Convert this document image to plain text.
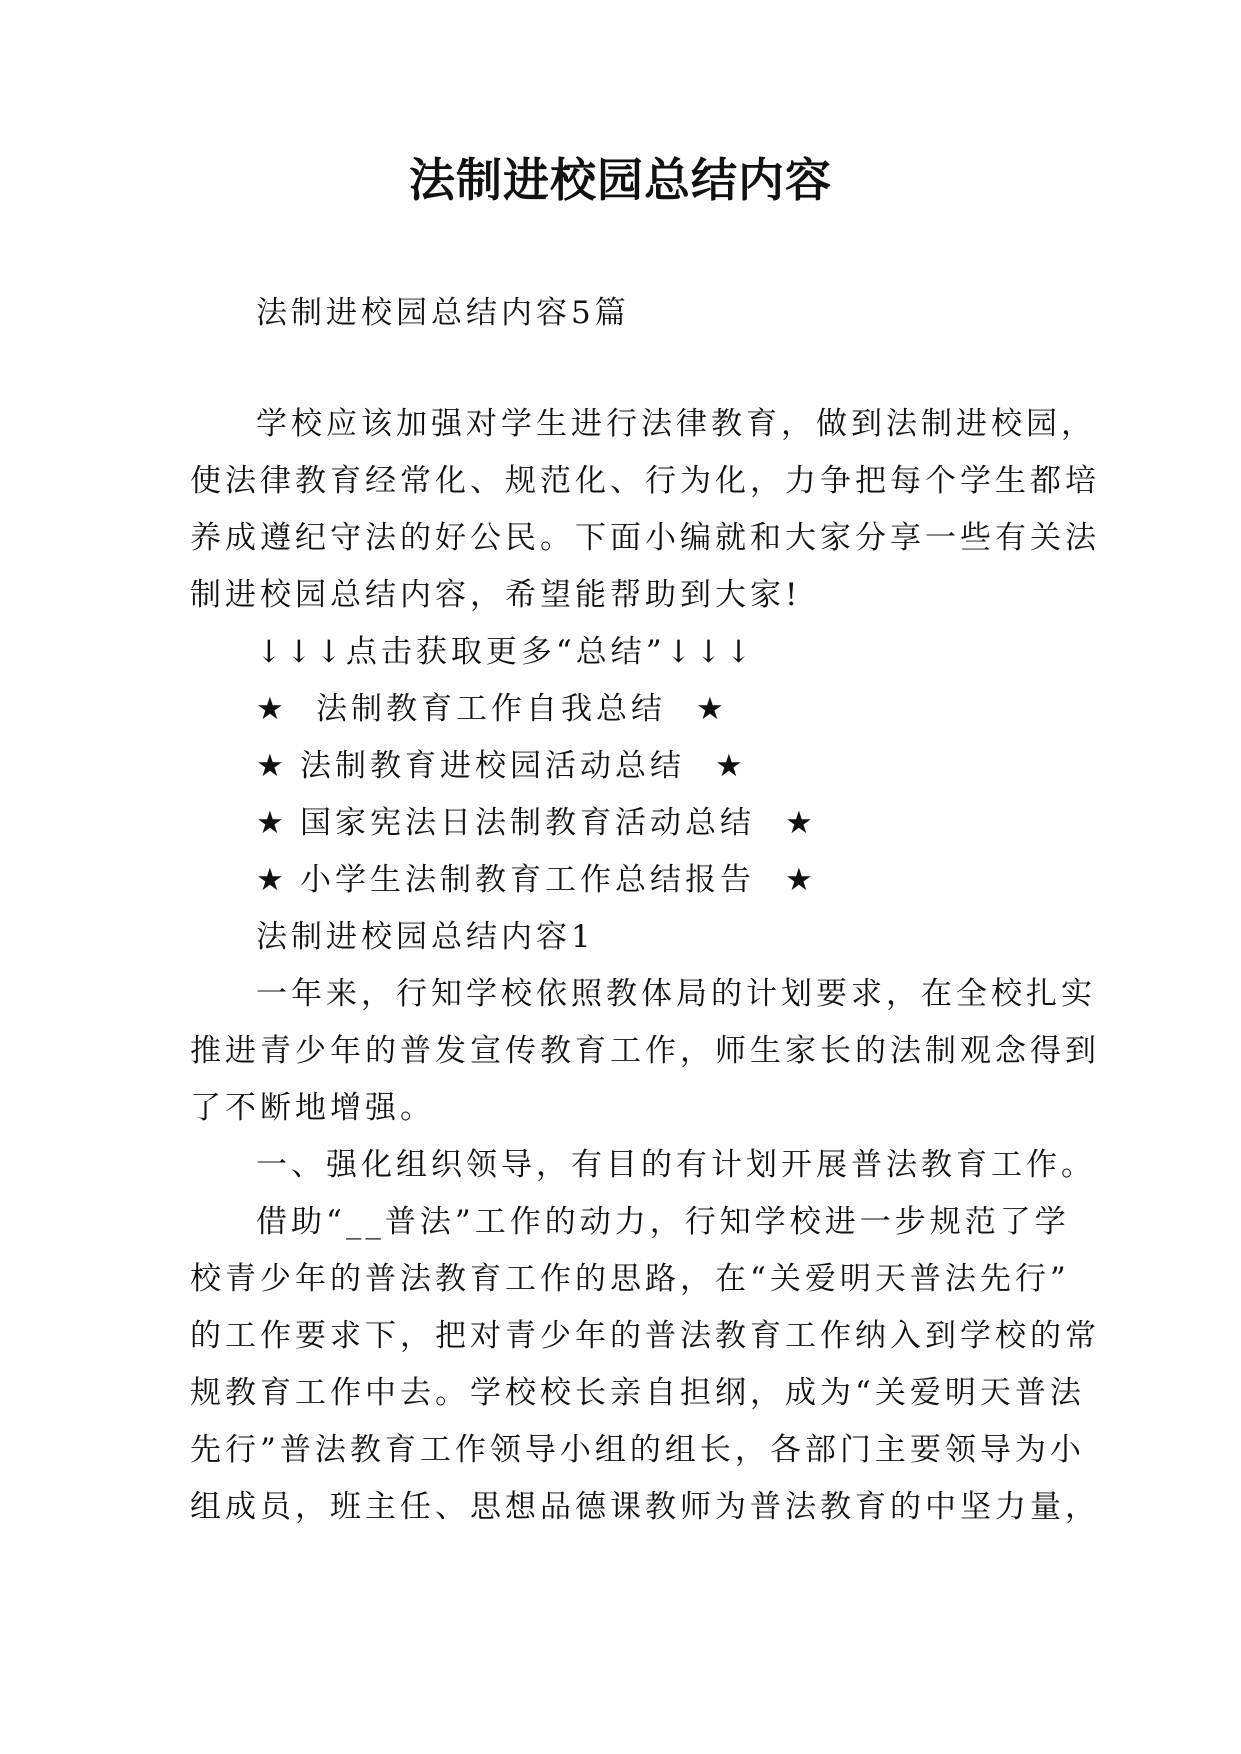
法制进校园总结内容
法制进校园总结内容5篇
学校应该加强对学生进行法律教育，做到法制进校园，
使法律教育经常化、规范化、行为化，力争把每个学生都培
养成遵纪守法的好公民。下面小编就和大家分享一些有关法
制进校园总结内容，希望能帮助到大家!
↓↓↓点击获取更多“总结”↓↓↓
★ 法制教育工作自我总结 ★
★ 法制教育进校园活动总结 ★
★ 国家宪法日法制教育活动总结 ★
★ 小学生法制教育工作总结报告 ★
法制进校园总结内容1
一年来，行知学校依照教体局的计划要求，在全校扎实
推进青少年的普发宣传教育工作，师生家长的法制观念得到
了不断地增强。
一、强化组织领导，有目的有计划开展普法教育工作。
借助“__普法”工作的动力，行知学校进一步规范了学
校青少年的普法教育工作的思路，在“关爱明天普法先行”
的工作要求下，把对青少年的普法教育工作纳入到学校的常
规教育工作中去。学校校长亲自担纲，成为“关爱明天普法
先行”普法教育工作领导小组的组长，各部门主要领导为小
组成员，班主任、思想品德课教师为普法教育的中坚力量，
